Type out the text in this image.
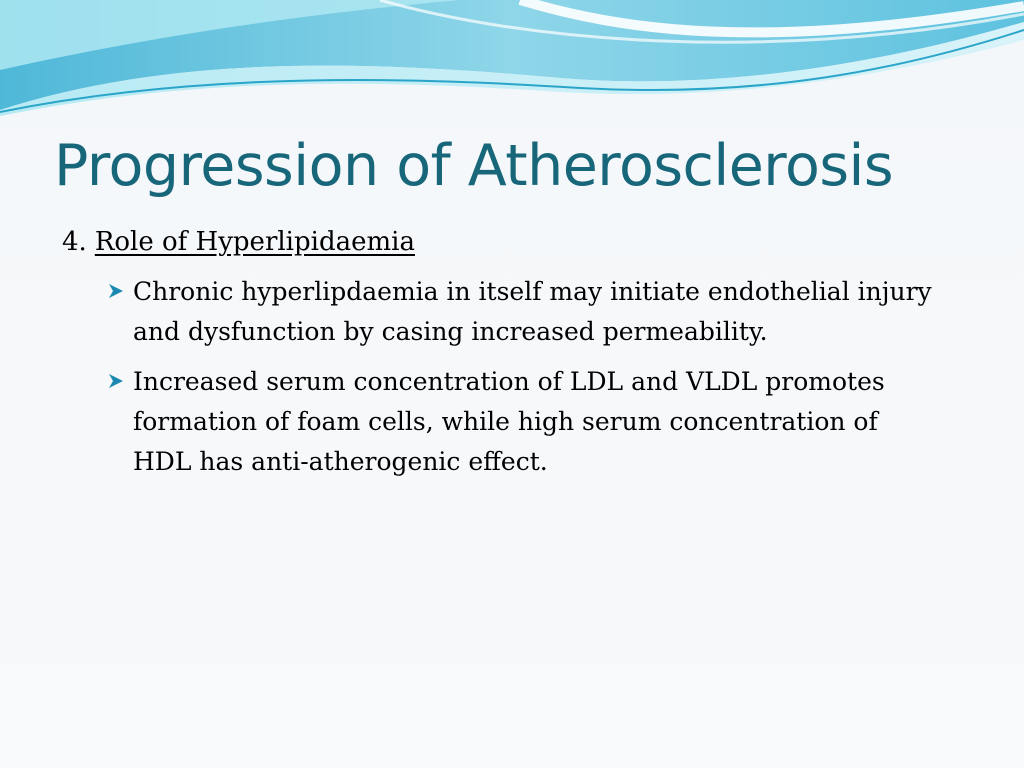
Progression of Atherosclerosis
4. Role of Hyperlipidaemia
Chronic hyperlipdaemia in itself may initiate endothelial injury and dysfunction by casing increased permeability.
Increased serum concentration of LDL and VLDL promotes formation of foam cells, while high serum concentration of HDL has anti-atherogenic effect.
